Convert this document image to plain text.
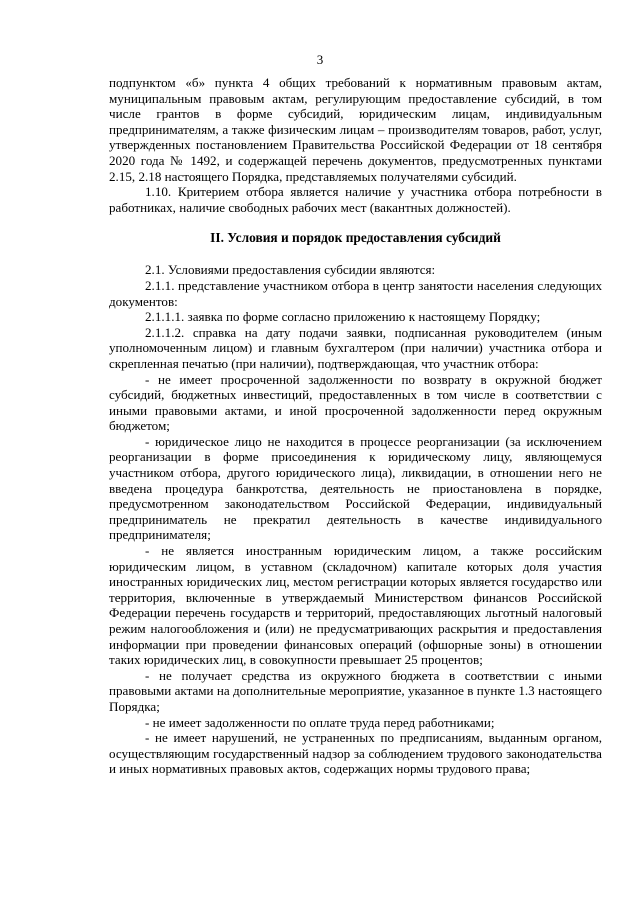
3

подпунктом «б» пункта 4 общих требований к нормативным правовым актам, муниципальным правовым актам, регулирующим предоставление субсидий, в том числе грантов в форме субсидий, юридическим лицам, индивидуальным предпринимателям, а также физическим лицам – производителям товаров, работ, услуг, утвержденных постановлением Правительства Российской Федерации от 18 сентября 2020 года № 1492, и содержащей перечень документов, предусмотренных пунктами 2.15, 2.18 настоящего Порядка, представляемых получателями субсидий.

1.10. Критерием отбора является наличие у участника отбора потребности в работниках, наличие свободных рабочих мест (вакантных должностей).

II. Условия и порядок предоставления субсидий

2.1. Условиями предоставления субсидии являются:

2.1.1. представление участником отбора в центр занятости населения следующих документов:

2.1.1.1. заявка по форме согласно приложению к настоящему Порядку;

2.1.1.2. справка на дату подачи заявки, подписанная руководителем (иным уполномоченным лицом) и главным бухгалтером (при наличии) участника отбора и скрепленная печатью (при наличии), подтверждающая, что участник отбора:

- не имеет просроченной задолженности по возврату в окружной бюджет субсидий, бюджетных инвестиций, предоставленных в том числе в соответствии с иными правовыми актами, и иной просроченной задолженности перед окружным бюджетом;

- юридическое лицо не находится в процессе реорганизации (за исключением реорганизации в форме присоединения к юридическому лицу, являющемуся участником отбора, другого юридического лица), ликвидации, в отношении него не введена процедура банкротства, деятельность не приостановлена в порядке, предусмотренном законодательством Российской Федерации, индивидуальный предприниматель не прекратил деятельность в качестве индивидуального предпринимателя;

- не является иностранным юридическим лицом, а также российским юридическим лицом, в уставном (складочном) капитале которых доля участия иностранных юридических лиц, местом регистрации которых является государство или территория, включенные в утверждаемый Министерством финансов Российской Федерации перечень государств и территорий, предоставляющих льготный налоговый режим налогообложения и (или) не предусматривающих раскрытия и предоставления информации при проведении финансовых операций (офшорные зоны) в отношении таких юридических лиц, в совокупности превышает 25 процентов;

- не получает средства из окружного бюджета в соответствии с иными правовыми актами на дополнительные мероприятие, указанное в пункте 1.3 настоящего Порядка;

- не имеет задолженности по оплате труда перед работниками;

- не имеет нарушений, не устраненных по предписаниям, выданным органом, осуществляющим государственный надзор за соблюдением трудового законодательства и иных нормативных правовых актов, содержащих нормы трудового права;
